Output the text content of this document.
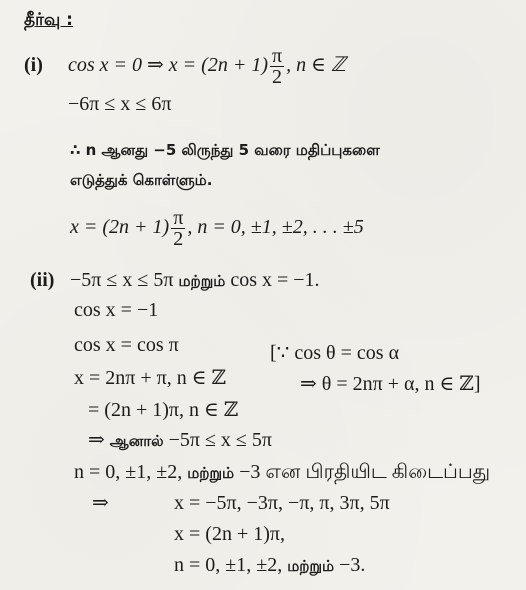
தீர்வு :
(i) cos x = 0 ⇒ $x = (2n + 1) \frac{\pi}{2}$ , n ∈ ℤ
−6π ≤ x ≤ 6π
∴ n ஆனது −5 லிருந்து 5 வரை மதிப்புகளை
எடுத்துக் கொள்ளும்.
$x = (2n + 1) \frac{\pi}{2}$ , n = 0, ±1, ±2, . . . ±5
(ii) −5π ≤ x ≤ 5π மற்றும் cos x = −1.
cos x = −1
cos x = cos π	[∵ cos θ = cos α
x = 2nπ + π, n ∈ ℤ	⇒ θ = 2nπ + α, n ∈ ℤ]
= (2n + 1)π, n ∈ ℤ
⇒ ஆனால் −5π ≤ x ≤ 5π
n = 0, ±1, ±2, மற்றும் −3 என பிரதியிட கிடைப்பது
⇒	x = −5π, −3π, −π, π, 3π, 5π
x = (2n + 1)π,
n = 0, ±1, ±2, மற்றும் −3.
